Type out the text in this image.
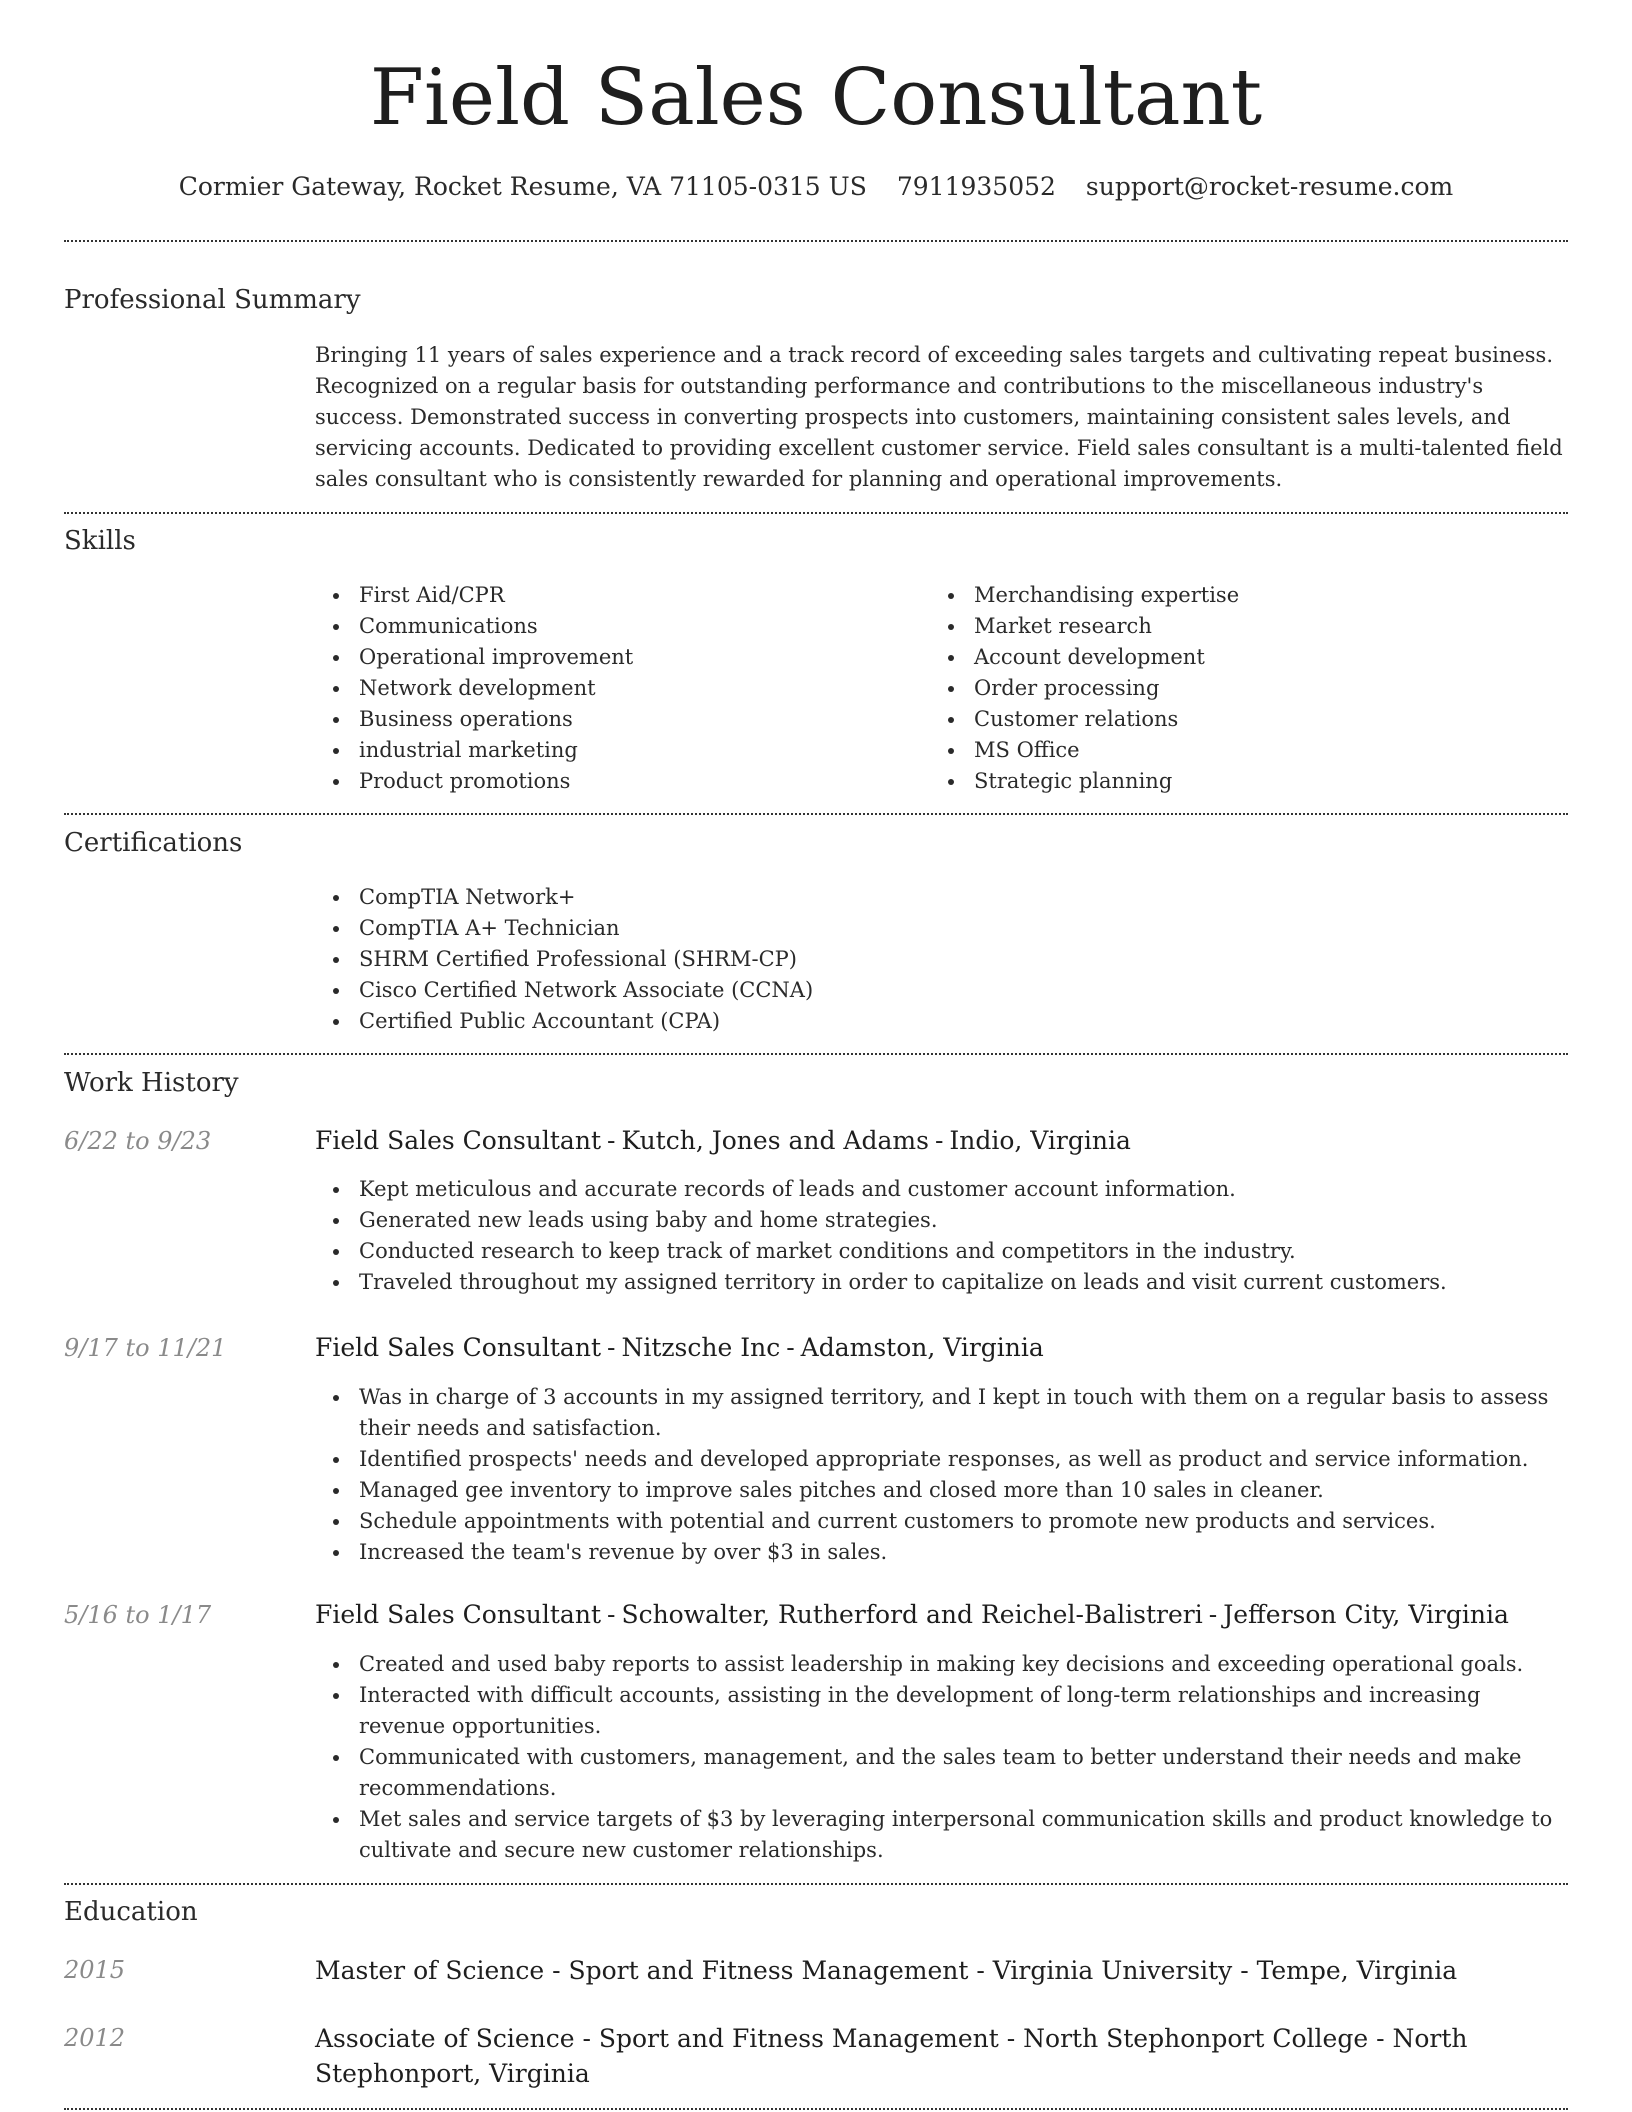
Field Sales Consultant
Cormier Gateway, Rocket Resume, VA 71105-0315 US 7911935052 support@rocket-resume.com
Professional Summary
Bringing 11 years of sales experience and a track record of exceeding sales targets and cultivating repeat business. Recognized on a regular basis for outstanding performance and contributions to the miscellaneous industry's success. Demonstrated success in converting prospects into customers, maintaining consistent sales levels, and servicing accounts. Dedicated to providing excellent customer service. Field sales consultant is a multi-talented field sales consultant who is consistently rewarded for planning and operational improvements.
Skills
First Aid/CPR
Communications
Operational improvement
Network development
Business operations
industrial marketing
Product promotions
Merchandising expertise
Market research
Account development
Order processing
Customer relations
MS Office
Strategic planning
Certifications
CompTIA Network+
CompTIA A+ Technician
SHRM Certified Professional (SHRM-CP)
Cisco Certified Network Associate (CCNA)
Certified Public Accountant (CPA)
Work History
6/22 to 9/23	Field Sales Consultant - Kutch, Jones and Adams - Indio, Virginia
Kept meticulous and accurate records of leads and customer account information.
Generated new leads using baby and home strategies.
Conducted research to keep track of market conditions and competitors in the industry.
Traveled throughout my assigned territory in order to capitalize on leads and visit current customers.
9/17 to 11/21	Field Sales Consultant - Nitzsche Inc - Adamston, Virginia
Was in charge of 3 accounts in my assigned territory, and I kept in touch with them on a regular basis to assess their needs and satisfaction.
Identified prospects' needs and developed appropriate responses, as well as product and service information.
Managed gee inventory to improve sales pitches and closed more than 10 sales in cleaner.
Schedule appointments with potential and current customers to promote new products and services.
Increased the team's revenue by over $3 in sales.
5/16 to 1/17	Field Sales Consultant - Schowalter, Rutherford and Reichel-Balistreri - Jefferson City, Virginia
Created and used baby reports to assist leadership in making key decisions and exceeding operational goals.
Interacted with difficult accounts, assisting in the development of long-term relationships and increasing revenue opportunities.
Communicated with customers, management, and the sales team to better understand their needs and make recommendations.
Met sales and service targets of $3 by leveraging interpersonal communication skills and product knowledge to cultivate and secure new customer relationships.
Education
2015	Master of Science - Sport and Fitness Management - Virginia University - Tempe, Virginia
2012	Associate of Science - Sport and Fitness Management - North Stephonport College - North Stephonport, Virginia
